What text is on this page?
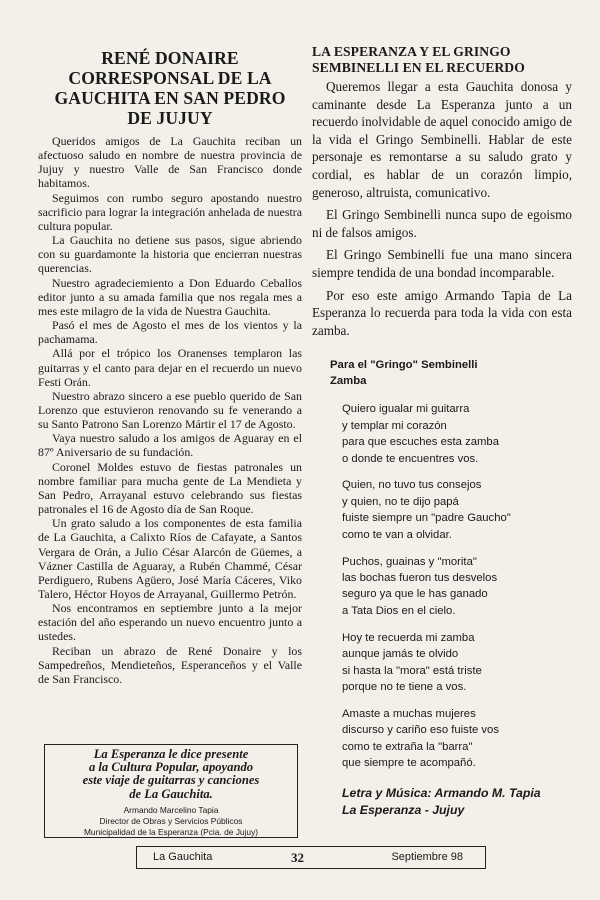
RENÉ DONAIRE
CORRESPONSAL DE LA
GAUCHITA EN SAN PEDRO
DE JUJUY

Queridos amigos de La Gauchita reciban un afectuoso saludo en nombre de nuestra provincia de Jujuy y nuestro Valle de San Francisco donde habitamos.

Seguimos con rumbo seguro apostando nuestro sacrificio para lograr la integración anhelada de nuestra cultura popular.

La Gauchita no detiene sus pasos, sigue abriendo con su guardamonte la historia que encierran nuestras querencias.

Nuestro agradeciemiento a Don Eduardo Ceballos editor junto a su amada familia que nos regala mes a mes este milagro de la vida de Nuestra Gauchita.

Pasó el mes de Agosto el mes de los vientos y la pachamama.

Allá por el trópico los Oranenses templaron las guitarras y el canto para dejar en el recuerdo un nuevo Festi Orán.

Nuestro abrazo sincero a ese pueblo querido de San Lorenzo que estuvieron renovando su fe venerando a su Santo Patrono San Lorenzo Mártir el 17 de Agosto.

Vaya nuestro saludo a los amigos de Aguaray en el 87º Aniversario de su fundación.

Coronel Moldes estuvo de fiestas patronales un nombre familiar para mucha gente de La Mendieta y San Pedro, Arrayanal estuvo celebrando sus fiestas patronales el 16 de Agosto día de San Roque.

Un grato saludo a los componentes de esta familia de La Gauchita, a Calixto Ríos de Cafayate, a Santos Vergara de Orán, a Julio César Alarcón de Güemes, a Vázner Castilla de Aguaray, a Rubén Chammé, César Perdiguero, Rubens Agüero, José María Cáceres, Viko Talero, Héctor Hoyos de Arrayanal, Guillermo Petrón.

Nos encontramos en septiembre junto a la mejor estación del año esperando un nuevo encuentro junto a ustedes.

Reciban un abrazo de René Donaire y los Sampedreños, Mendieteños, Esperanceños y el Valle de San Francisco.

La Esperanza le dice presente
a la Cultura Popular, apoyando
este viaje de guitarras y canciones
de La Gauchita.
Armando Marcelino Tapia
Director de Obras y Servicios Públicos
Municipalidad de la Esperanza (Pcia. de Jujuy)
LA ESPERANZA Y EL GRINGO
SEMBINELLI EN EL RECUERDO

Queremos llegar a esta Gauchita donosa y caminante desde La Esperanza junto a un recuerdo inolvidable de aquel conocido amigo de la vida el Gringo Sembinelli. Hablar de este personaje es remontarse a su saludo grato y cordial, es hablar de un corazón limpio, generoso, altruista, comunicativo.

El Gringo Sembinelli nunca supo de egoismo ni de falsos amigos.

El Gringo Sembinelli fue una mano sincera siempre tendida de una bondad incomparable.

Por eso este amigo Armando Tapia de La Esperanza lo recuerda para toda la vida con esta zamba.

Para el "Gringo" Sembinelli
Zamba
Quiero igualar mi guitarra
y templar mi corazón
para que escuches esta zamba
o donde te encuentres vos.
Quien, no tuvo tus consejos
y quien, no te dijo papá
fuiste siempre un "padre Gaucho"
como te van a olvidar.
Puchos, guainas y "morita"
las bochas fueron tus desvelos
seguro ya que le has ganado
a Tata Dios en el cielo.
Hoy te recuerda mi zamba
aunque jamás te olvido
si hasta la "mora" está triste
porque no te tiene a vos.
Amaste a muchas mujeres
discurso y cariño eso fuiste vos
como te extraña la "barra"
que siempre te acompañó.
Letra y Música: Armando M. Tapia
La Esperanza - Jujuy
La Gauchita	32	Septiembre 98
